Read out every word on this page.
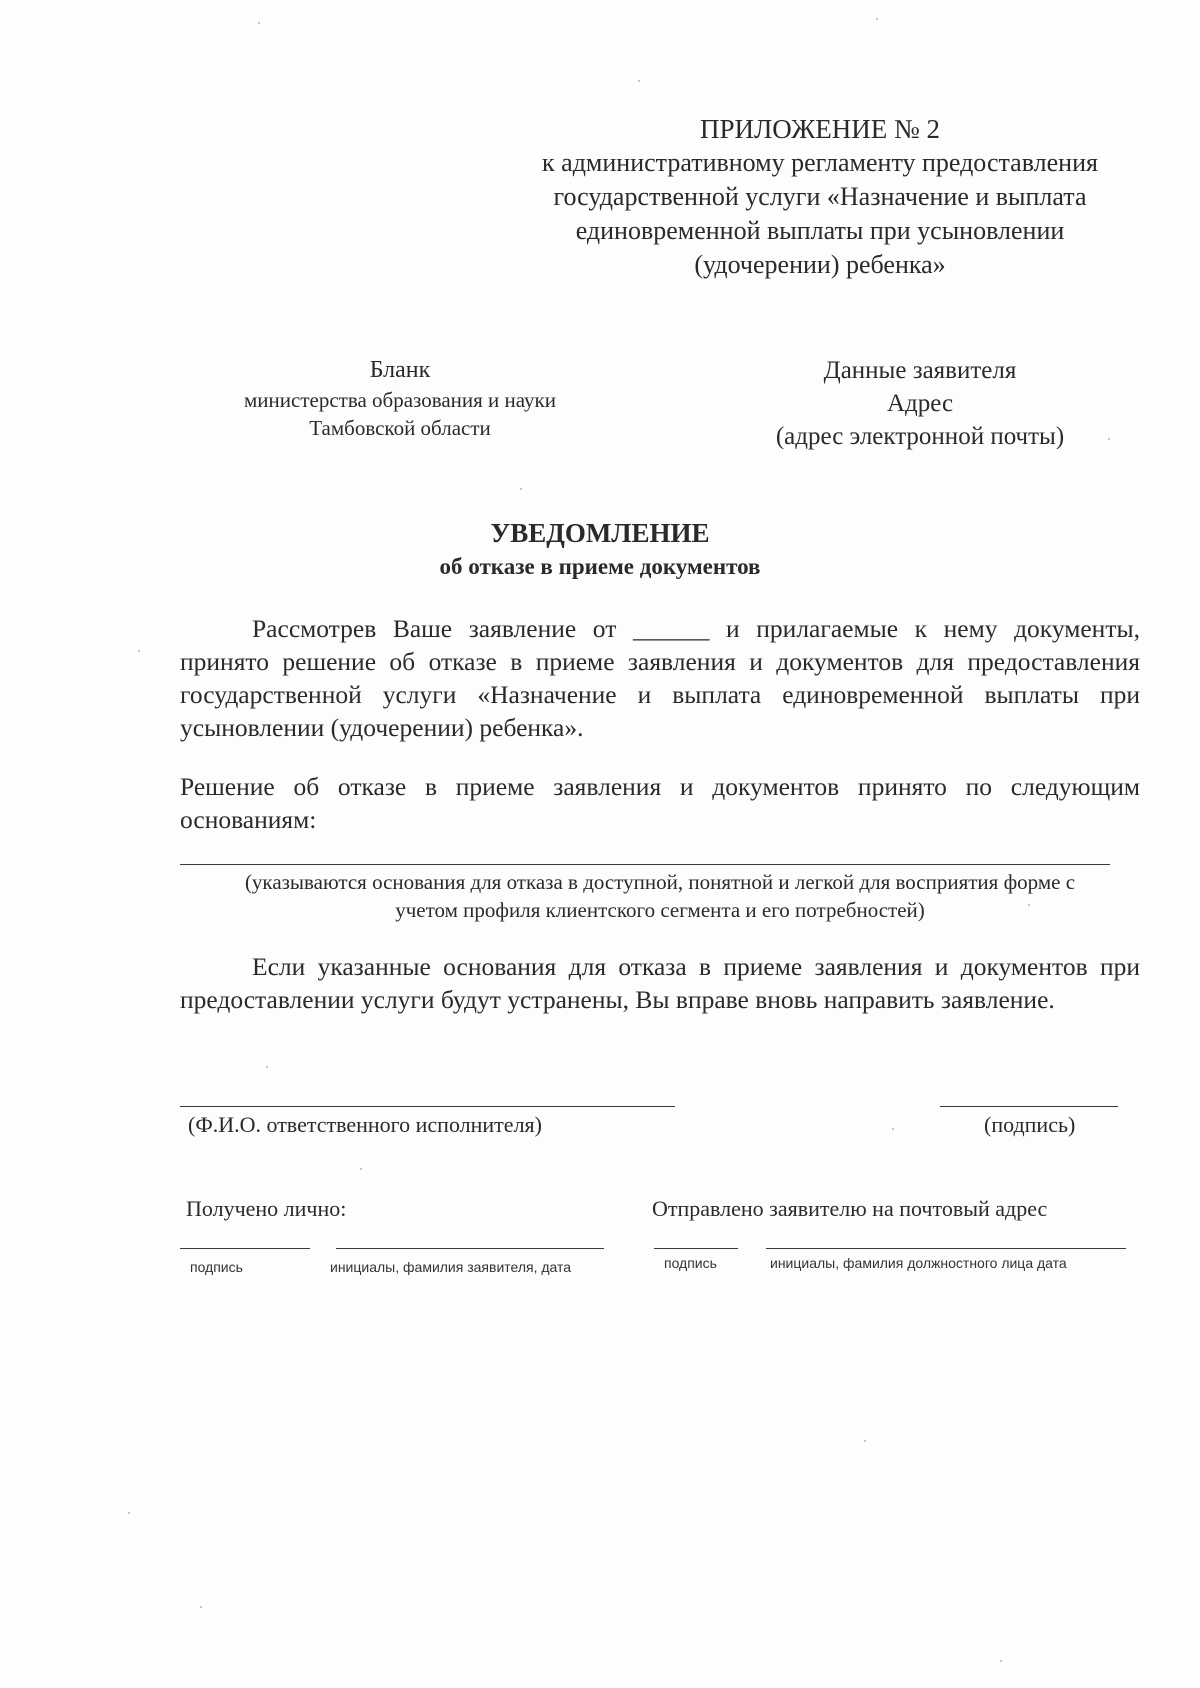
ПРИЛОЖЕНИЕ № 2
к административному регламенту предоставления
государственной услуги «Назначение и выплата
единовременной выплаты при усыновлении
(удочерении) ребенка»
Бланк
министерства образования и науки
Тамбовской области
Данные заявителя
Адрес
(адрес электронной почты)
УВЕДОМЛЕНИЕ
об отказе в приеме документов
Рассмотрев Ваше заявление от ______ и прилагаемые к нему документы, принято решение об отказе в приеме заявления и документов для предоставления государственной услуги «Назначение и выплата единовременной выплаты при усыновлении (удочерении) ребенка».
Решение об отказе в приеме заявления и документов принято по следующим основаниям:
(указываются основания для отказа в доступной, понятной и легкой для восприятия форме с
учетом профиля клиентского сегмента и его потребностей)
Если указанные основания для отказа в приеме заявления и документов при предоставлении услуги будут устранены, Вы вправе вновь направить заявление.
(Ф.И.О. ответственного исполнителя)	(подпись)
Получено лично:	Отправлено заявителю на почтовый адрес
подпись	инициалы, фамилия заявителя, дата	подпись	инициалы, фамилия должностного лица дата
